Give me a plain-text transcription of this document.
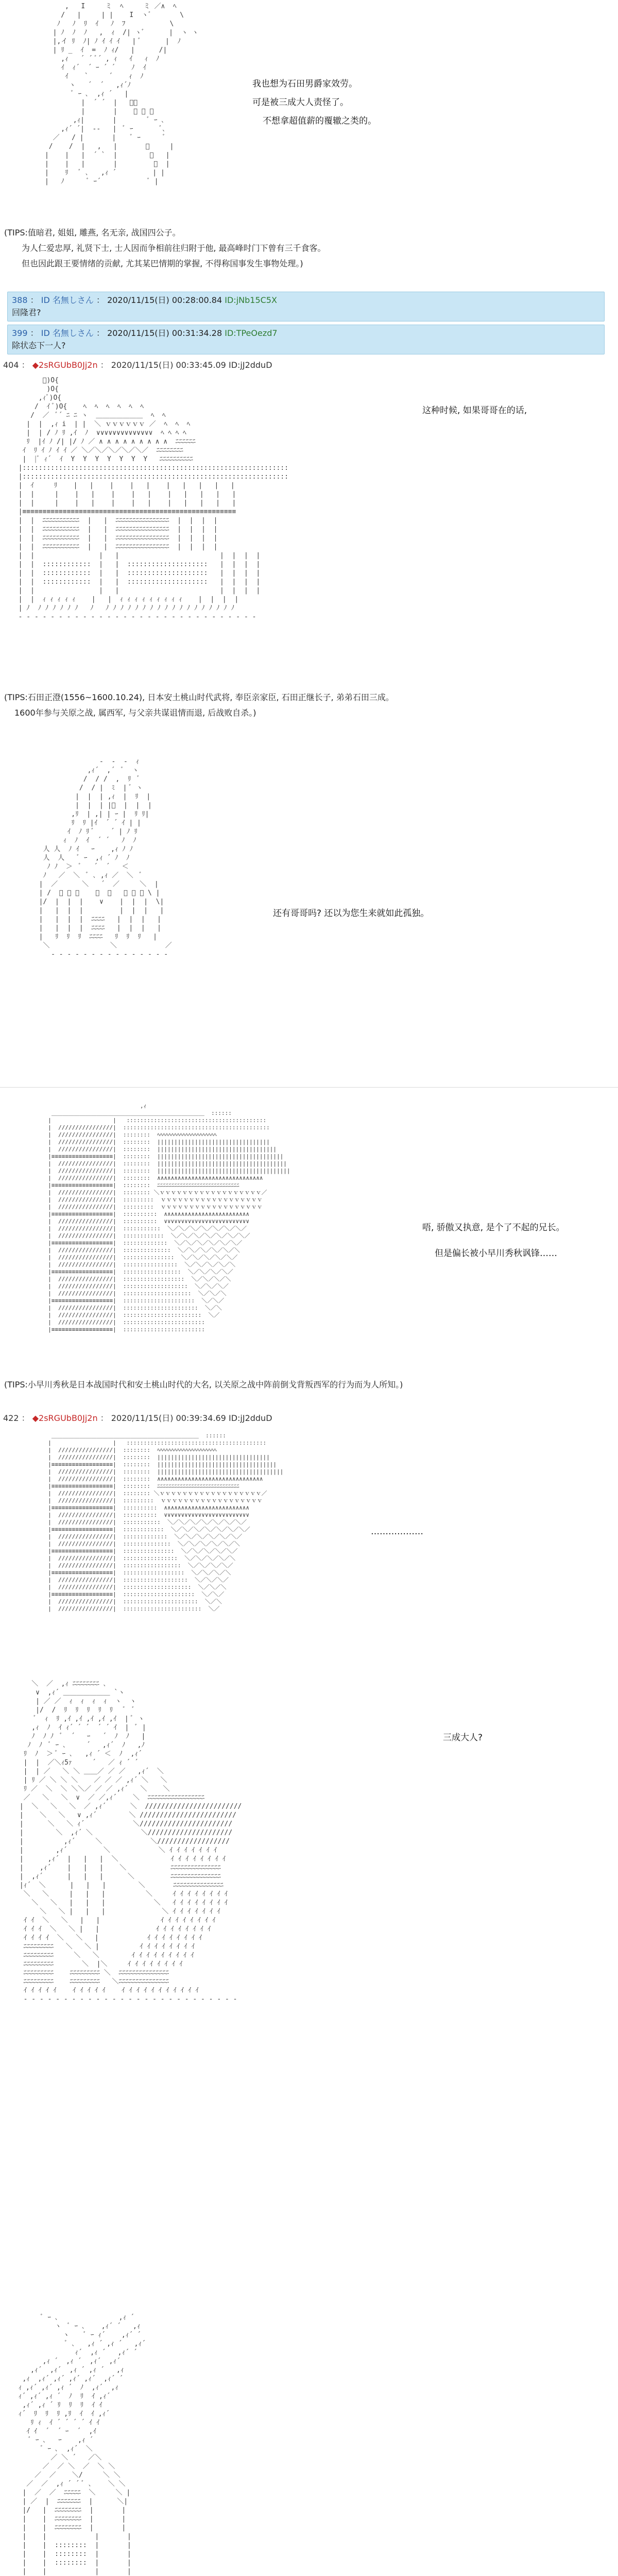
,   I     ミ  ﾍ     ミ ／∧  ﾍ
/   |     | |    I  ヽﾞ       \
ﾉ   ﾉ  ﾘ  ｲ   ﾉ  ﾌ           \
| ﾉ  ﾉ  ﾉ   ,  ｨ  /| ヽﾞ      |  ヽ ヽ
|,イ ﾘ  ﾉ| ﾉ ｲ ｲ ｲ   | ﾞ      |  ﾉ
| ﾘ _  ｲ  =  ﾉ ｨ/   |      /|
,ｨ   ´ ´ ﾞ´ , ｨ   ｲ   ｨ  ﾉ
ｲ  ｨ´  ´ ｰ ´ ´    ﾉ  ｲ
ｲ    `     ´    ｨ  ﾉ
ヽ   ´  ´   ,ｨ´ﾉ
ﾞ ｰ ､  ,ｨ ´   |
|  ´ ´  |   ﾞ、
|       |    ﾞ ｰ ､
,ｨ|       |        ﾞ ｰ ､
,ｨ´ ´|  -‐   |  ﾞ ｰ       ﾞ､
／   / |       |    ﾞ ｰ      ﾞ
/    /  |   ,   |       ﾞ     |
|    |   |  ´ `  |        ﾞ   |
|    |   |       |         ﾞ  |
|    ﾘ   ﾞ ､   ,ｨ ´         | |
|   ﾉ      ﾞ ｰ´            ﾞ |

我也想为石田男爵家效劳。

可是被三成大人责怪了。

不想拿超值薪的覆辙之类的。

(TIPS:值暗君, 姐姐, 雕燕, 名无亲, 战国四公子。

为人仁爱忠厚, 礼贤下士, 士人因而争相前往归附于他, 最高峰时门下曾有三千食客。

但也因此跟王要情绪的贡献, 尤其某巴情期的掌握, 不得称国事发生事物处理。)

388 ： ID 名無しさん ： 2020/11/15(日) 00:28:00.84 ID:jNb15C5X
回隆君?
399 ： ID 名無しさん ： 2020/11/15(日) 00:31:34.28 ID:TPeOezd7
除状态下一人?
404 ： ◆2sRGUbB0Jj2n ： 2020/11/15(日) 00:33:45.09 ID:jJ2dduD
ﾞ)O{
)O{
,ｨﾞ)O{
/  ｲ ﾞ)O{    ﾍ  ﾍ  ﾍ  ﾍ  ﾍ  ﾍ
/  ／  ﾞ´ ﾆ ﾆ ヽ  ＿＿＿＿＿＿＿  ﾍ  ﾍ
|  |  ,ｨ i  | |  ＼ ｖｖｖｖｖｖ ／  ﾍ  ﾍ  ﾍ
|  | / ﾉ ﾘ ,ｲ  ﾉ  ∨∨∨∨∨∨∨∨∨∨∨∨∨∨  ﾍ ﾍ ﾍ ﾍ
ﾘ  |ｲ ﾉ /| |/ ﾉ ／ ∧ ∧ ∧ ∧ ∧ ∧ ∧ ∧ ∧  ﾆﾆﾆﾆﾆﾆ
ｲ  ﾘ ｲ ﾉ ｲ ｲ ／ ＼／＼／＼／＼／＼／  ﾆﾆﾆﾆﾆﾆﾆﾆ
|  |ﾞ ｨ´  ｲ  Y  Y  Y  Y  Y  Y  Y   ﾆﾆﾆﾆﾆﾆﾆﾆﾆﾆ
|::::::::::::::::::::::::::::::::::::::::::::::::::::::::::::::::::
|::::::::::::::::::::::::::::::::::::::::::::::::::::::::::::::::::
|  ｲ     ﾘ    |   |    |    |   |    |   |   |   |   |
|  |     |    |   |    |    |   |    |   |   |   |   |
|  |     |    |   |    |    |   |    |   |   |   |   |
|≡≡≡≡≡≡≡≡≡≡≡≡≡≡≡≡≡≡≡≡≡≡≡≡≡≡≡≡≡≡≡≡≡≡≡≡≡≡≡≡≡≡≡≡≡≡≡≡≡≡≡≡≡
|  |  ﾆﾆﾆﾆﾆﾆﾆﾆﾆﾆﾆ  |   |  ﾆﾆﾆﾆﾆﾆﾆﾆﾆﾆﾆﾆﾆﾆﾆﾆ  |  |  |  |
|  |  ﾆﾆﾆﾆﾆﾆﾆﾆﾆﾆﾆ  |   |  ﾆﾆﾆﾆﾆﾆﾆﾆﾆﾆﾆﾆﾆﾆﾆﾆ  |  |  |  |
|  |  ﾆﾆﾆﾆﾆﾆﾆﾆﾆﾆﾆ  |   |  ﾆﾆﾆﾆﾆﾆﾆﾆﾆﾆﾆﾆﾆﾆﾆﾆ  |  |  |  |
|  |  ﾆﾆﾆﾆﾆﾆﾆﾆﾆﾆﾆ  |   |  ﾆﾆﾆﾆﾆﾆﾆﾆﾆﾆﾆﾆﾆﾆﾆﾆ  |  |  |  |
|  |                |   |                         |  |  |  |
|  |  ::::::::::::  |   |  ::::::::::::::::::::   |  |  |  |
|  |  ::::::::::::  |   |  ::::::::::::::::::::   |  |  |  |
|  |  ::::::::::::  |   |  ::::::::::::::::::::   |  |  |  |
|  |                |   |                         |  |  |  |
|  |  ｨ ｨ ｨ ｨ ｨ    |   |  ｨ ｨ ｨ ｨ ｨ ｨ ｨ ｨ ｨ    |  |  |  |
| ﾉ  ﾉ ﾉ ﾉ ﾉ ﾉ ﾉ   ﾉ   ﾉ ﾉ ﾉ ﾉ ﾉ ﾉ ﾉ ﾉ ﾉ ﾉ ﾉ ﾉ ﾉ ﾉ ﾉ ﾉ ﾉ ﾉ
‐ ‐ ‐ ‐ ‐ ‐ ‐ ‐ ‐ ‐ ‐ ‐ ‐ ‐ ‐ ‐ ‐ ‐ ‐ ‐ ‐ ‐ ‐ ‐ ‐ ‐ ‐ ‐ ‐ ‐

这种时候, 如果哥哥在的话,

(TIPS:石田正澄(1556~1600.10.24), 日本安土桃山时代武将, 奉臣亲家臣, 石田正继长子, 弟弟石田三成。

1600年参与关原之战, 属西军, 与父亲共谋诅情而退, 后战败自杀。)

-  -  ‐  ｨ
,ｨ´  ,´  ﾞ  ヽ
/  / /  ,  ﾘ  ﾞ
/  / |  ﾐ  | ﾞ ヽ
|  |  | ,ｨ  |  ﾘ  |
|  |  | |ﾞ  |  |  |
,ﾘ  | ,| | ｰ |  ﾘ ﾘ|
ﾘ  ﾘ |ｲ  ´ ´ ｲ | |
ｲ  ﾉ ﾘ ﾞ    ´ | ﾉ ﾘ
ｨ  ﾉ  ｲ  ´ ´   ﾉ  ﾉ
人 人  ﾉ ｲ   ｰ    ,ｨ ﾉ ﾉ
人  人   ﾞ ｰ  ,ｨ ´ ﾉ  ﾉ
ﾉ ﾉ  ＞  ﾞ   ´  ´   ＜
ﾉ   ／  ＼  ﾞ ､ ,ｨ ／  ＼  ﾞ
|  ／      ＼   ´  ／     ＼  |
| /  ﾞ ﾞ ﾞ    ＼  ／   ﾞ ﾞ ﾞ \ |
|/  |  |  |    ∨    |  |  |  \|
|   |  |  |         |  |  |   |
|   |  |  |  ﾆﾆﾆﾆ   |  |  |   |
|   |  |  |  ﾆﾆﾆﾆ   |  |  |   |
|   ﾘ  ﾘ  ﾘ  ﾆﾆﾆﾆ   ﾘ  ﾘ  ﾘ   |
＼               ＼            ／
‐ ‐ ‐ ‐ ‐ ‐ ‐ ‐ ‐ ‐ ‐ ‐ ‐ ‐ ‐

还有哥哥吗? 还以为您生来就如此孤独。

,ｨ
＿＿＿＿＿＿＿＿＿＿＿＿＿＿＿＿＿＿＿＿＿＿＿＿＿＿＿  ::::::
|                  |   :::::::::::::::::::::::::::::::::::::::::
|  ////////////////|  :::::::::::::::::::::::::::::::::::::::::::
|  ////////////////|  ::::::::  ﾍﾍﾍﾍﾍﾍﾍﾍﾍﾍﾍﾍﾍﾍﾍﾍﾍﾍﾍﾍﾍ
|  ////////////////|  ::::::::  |||||||||||||||||||||||||||||||||
|  ////////////////|  ::::::::  |||||||||||||||||||||||||||||||||||
|≡≡≡≡≡≡≡≡≡≡≡≡≡≡≡≡≡≡|  ::::::::  |||||||||||||||||||||||||||||||||||||
|  ////////////////|  ::::::::  ||||||||||||||||||||||||||||||||||||||
|  ////////////////|  ::::::::  |||||||||||||||||||||||||||||||||||||||
|  ////////////////|  ::::::::  ∧∧∧∧∧∧∧∧∧∧∧∧∧∧∧∧∧∧∧∧∧∧∧∧∧∧∧∧∧∧∧
|≡≡≡≡≡≡≡≡≡≡≡≡≡≡≡≡≡≡|  ::::::::  ﾆﾆﾆﾆﾆﾆﾆﾆﾆﾆﾆﾆﾆﾆﾆﾆﾆﾆﾆﾆﾆﾆﾆﾆﾆﾆﾆﾆﾆ
|  ////////////////|  :::::::: ＼ｖｖｖｖｖｖｖｖｖｖｖｖｖｖｖｖｖｖ／
|  ////////////////|  :::::::::  ｖｖｖｖｖｖｖｖｖｖｖｖｖｖｖｖｖｖ
|  ////////////////|  :::::::::  ｖｖｖｖｖｖｖｖｖｖｖｖｖｖｖｖｖｖ
|≡≡≡≡≡≡≡≡≡≡≡≡≡≡≡≡≡≡|  ::::::::::  ∧∧∧∧∧∧∧∧∧∧∧∧∧∧∧∧∧∧∧∧∧∧∧∧∧
|  ////////////////|  ::::::::::  ∨∨∨∨∨∨∨∨∨∨∨∨∨∨∨∨∨∨∨∨∨∨∨∨∨
|  ////////////////|  :::::::::::  ＼／＼／＼／＼／＼／＼／＼／
|  ////////////////|  ::::::::::::  ＼／＼／＼／＼／＼／＼／＼／
|≡≡≡≡≡≡≡≡≡≡≡≡≡≡≡≡≡≡|  :::::::::::::  ＼／＼／＼／＼／＼／＼／
|  ////////////////|  ::::::::::::::  ＼／＼／＼／＼／＼／＼
|  ////////////////|  :::::::::::::::  ＼／＼／＼／＼／＼／
|  ////////////////|  ::::::::::::::::  ＼／＼／＼／＼／＼
|≡≡≡≡≡≡≡≡≡≡≡≡≡≡≡≡≡≡|  :::::::::::::::::  ＼／＼／＼／＼／
|  ////////////////|  ::::::::::::::::::  ＼／＼／＼／＼
|  ////////////////|  :::::::::::::::::::  ＼／＼／＼／
|  ////////////////|  ::::::::::::::::::::  ＼／＼／＼
|≡≡≡≡≡≡≡≡≡≡≡≡≡≡≡≡≡≡|  :::::::::::::::::::::  ＼／＼／
|  ////////////////|  ::::::::::::::::::::::  ＼／＼
|  ////////////////|  :::::::::::::::::::::::  ＼／
|  ////////////////|  ::::::::::::::::::::::::
|≡≡≡≡≡≡≡≡≡≡≡≡≡≡≡≡≡≡|  ::::::::::::::::::::::::

唔, 骄傲又执意, 是个了不起的兄长。

但是偏长被小早川秀秋讽锋……

(TIPS:小早川秀秋是日本战国时代和安土桃山时代的大名, 以关原之战中阵前倒戈背叛西军的行为而为人所知。)

422 ： ◆2sRGUbB0Jj2n ： 2020/11/15(日) 00:39:34.69 ID:jJ2dduD
＿＿＿＿＿＿＿＿＿＿＿＿＿＿＿＿＿＿＿＿＿＿＿＿＿＿  ::::::
|                  |   :::::::::::::::::::::::::::::::::::::::::
|  ////////////////|  ::::::::  ﾍﾍﾍﾍﾍﾍﾍﾍﾍﾍﾍﾍﾍﾍﾍﾍﾍﾍﾍﾍﾍ
|  ////////////////|  ::::::::  |||||||||||||||||||||||||||||||||
|≡≡≡≡≡≡≡≡≡≡≡≡≡≡≡≡≡≡|  ::::::::  |||||||||||||||||||||||||||||||||||
|  ////////////////|  ::::::::  |||||||||||||||||||||||||||||||||||||
|  ////////////////|  ::::::::  ∧∧∧∧∧∧∧∧∧∧∧∧∧∧∧∧∧∧∧∧∧∧∧∧∧∧∧∧∧∧∧
|≡≡≡≡≡≡≡≡≡≡≡≡≡≡≡≡≡≡|  ::::::::  ﾆﾆﾆﾆﾆﾆﾆﾆﾆﾆﾆﾆﾆﾆﾆﾆﾆﾆﾆﾆﾆﾆﾆﾆﾆﾆﾆﾆﾆ
|  ////////////////|  :::::::: ＼ｖｖｖｖｖｖｖｖｖｖｖｖｖｖｖｖｖｖ／
|  ////////////////|  :::::::::  ｖｖｖｖｖｖｖｖｖｖｖｖｖｖｖｖｖｖ
|≡≡≡≡≡≡≡≡≡≡≡≡≡≡≡≡≡≡|  ::::::::::  ∧∧∧∧∧∧∧∧∧∧∧∧∧∧∧∧∧∧∧∧∧∧∧∧∧
|  ////////////////|  ::::::::::  ∨∨∨∨∨∨∨∨∨∨∨∨∨∨∨∨∨∨∨∨∨∨∨∨∨
|  ////////////////|  :::::::::::  ＼／＼／＼／＼／＼／＼／＼／
|≡≡≡≡≡≡≡≡≡≡≡≡≡≡≡≡≡≡|  ::::::::::::  ＼／＼／＼／＼／＼／＼／＼／
|  ////////////////|  :::::::::::::  ＼／＼／＼／＼／＼／＼／
|  ////////////////|  ::::::::::::::  ＼／＼／＼／＼／＼／＼
|≡≡≡≡≡≡≡≡≡≡≡≡≡≡≡≡≡≡|  :::::::::::::::  ＼／＼／＼／＼／＼／
|  ////////////////|  ::::::::::::::::  ＼／＼／＼／＼／＼
|  ////////////////|  :::::::::::::::::  ＼／＼／＼／＼／
|≡≡≡≡≡≡≡≡≡≡≡≡≡≡≡≡≡≡|  ::::::::::::::::::  ＼／＼／＼／＼
|  ////////////////|  :::::::::::::::::::  ＼／＼／＼／
|  ////////////////|  ::::::::::::::::::::  ＼／＼／＼
|≡≡≡≡≡≡≡≡≡≡≡≡≡≡≡≡≡≡|  :::::::::::::::::::::  ＼／＼／
|  ////////////////|  ::::::::::::::::::::::  ＼／＼
|  ////////////////|  :::::::::::::::::::::::  ＼／

………………

＼  ／  ,ｨ ﾆﾆﾆﾆﾆﾆﾆﾆ ､
∨  ,ｨ´ ＿＿＿＿＿＿＿ `ヽ
| ／ ／  ｨ  ｨ  ｨ  ｨ  ヽ  ヽ
|/  /  ﾘ  ﾘ  ﾘ  ﾘ  ﾘ   ﾞ  ﾞ
ﾞ  ｨ  ﾘ ,ｲ ,ｲ ,ｲ ,ｲ ,ｲ  | ﾞ ヽ
,ｨ  ﾉ  ｲ ｨ´ ´ ´  ´ ´ ｲ  |  ﾞ |
ﾉ  ﾉ ﾉ  ﾞ  ´   ｰ   ´  ﾉ  ﾉ   |
ﾉ  ﾉ  ﾞ ｰ ､     ´   ,ｨ´  ﾉ   ,ﾉ
ﾘ  ﾉ  ＞ ﾞ ｰ ､   ,ｨ ´ ＜  ﾉ  ,ｨ´
|  |  ／＼ｨ5ｧ     ´   ／ ｨ ´ ´
|  | ／   ＼ ＼ ＿＿／ ／ ／   ,ｨ´  ＼
| ﾘ ／ ＼ ＼ ＼    ／ ／ ／ ,ｨ´ ＼   ＼
ﾘ ／  ＼  ＼ ＼＼／ ／ ／ ,ｨ´   ＼    ＼
／   ＼   ＼  ∨  ／ ／,ｨ´    ＼  ﾆﾆﾆﾆﾆﾆﾆﾆﾆﾆﾆﾆﾆﾆﾆﾆﾆ
|  ＼   ＼   ＼  ／ ,ｨ´      ＼  ////////////////////////
|    ＼   ＼   ∨ ,ｨ´        ＼ ////////////////////////
|      ＼   ＼ ｨ´            ＼///////////////////////
|        ＼  ,ｨ´ ＼            ＼/////////////////////
|          ,ｨ´     ＼            ＼//////////////////
|        ,ｨ´         ＼            ＼ ｲ ｲ ｲ ｲ ｲ ｲ ｲ
|      ,ｨ´  |   |   |  ＼             ｲ ｲ ｲ ｲ ｲ ｲ ｲ ｲ
|    ,ｨ´    |   |   |    ＼           ﾆﾆﾆﾆﾆﾆﾆﾆﾆﾆﾆﾆﾆﾆﾆ
|  ,ｨ´      |   |   |      ＼         ﾆﾆﾆﾆﾆﾆﾆﾆﾆﾆﾆﾆﾆﾆﾆ
|ｨ´  ＼      |   |   |        ＼       ﾆﾆﾆﾆﾆﾆﾆﾆﾆﾆﾆﾆﾆﾆﾆ
＼   ＼     |   |   |          ＼     ｲ ｲ ｲ ｲ ｲ ｲ ｲ ｲ
＼   ＼   |   |   |            ＼   ｲ ｲ ｲ ｲ ｲ ｲ ｲ ｲ
＼   ＼ |   |   |              ＼ ｲ ｲ ｲ ｲ ｲ ｲ ｲ
ｲ ｲ  ＼   ＼   |   |               ｲ ｲ ｲ ｲ ｲ ｲ ｲ ｲ
ｲ ｲ ｲ  ＼   ＼ |   |              ｲ ｲ ｲ ｲ ｲ ｲ ｲ ｲ
ｲ ｲ ｲ ｲ  ＼   ＼   |            ｲ ｲ ｲ ｲ ｲ ｲ ｲ ｲ
ﾆﾆﾆﾆﾆﾆﾆﾆﾆ   ＼   ＼ |          ｲ ｲ ｲ ｲ ｲ ｲ ｲ ｲ
ﾆﾆﾆﾆﾆﾆﾆﾆﾆ     ＼   ＼        ｲ ｲ ｲ ｲ ｲ ｲ ｲ ｲ ｲ
ﾆﾆﾆﾆﾆﾆﾆﾆﾆ       ＼  |＼     ｲ ｲ ｲ ｲ ｲ ｲ ｲ ｲ
ﾆﾆﾆﾆﾆﾆﾆﾆﾆ    ﾆﾆﾆﾆﾆﾆﾆﾆﾆ ＼  ﾆﾆﾆﾆﾆﾆﾆﾆﾆﾆﾆﾆﾆﾆﾆ
ﾆﾆﾆﾆﾆﾆﾆﾆﾆ    ﾆﾆﾆﾆﾆﾆﾆﾆﾆ   ＼ﾆﾆﾆﾆﾆﾆﾆﾆﾆﾆﾆﾆﾆﾆﾆ
ｲ ｲ ｲ ｲ ｲ    ｲ ｲ ｲ ｲ ｲ    ｲ ｲ ｲ ｲ ｲ ｲ ｲ ｲ ｲ ｲ ｲ
‐ ‐ ‐ ‐ ‐ ‐ ‐ ‐ ‐ ‐ ‐ ‐ ‐ ‐ ‐ ‐ ‐ ‐ ‐ ‐ ‐ ‐ ‐ ‐ ‐ ‐ ‐

三成大人?

ﾞ ｰ ､               ,ｨ ´
ヽ  ﾞ ｰ ､    ,ｨ´ ´   ,ｨ
ヽ    ﾞ ｰ ｨ´    ,ｨ´ ´
ﾞ ､   ,ｨ ´ ,ｨ ´   ,ｨ´
ｨ´  ,ｨ ´   ,ｨ´ ´
,ｨ ´  ,ｨ ´  ,ｨ´  ,ｨ´
,ｨ´  ,ｨ´  ,ｨ ´ ,ｨ ´   ,ｨ
,ｨ  ,ｨ´ ,ｨ´ ,ｨ´ ,ｨ´  ,ｨ´ ´
ｨ ,ｨ´ ,ｨ´ ,ｨ ´  ﾉ  ,ｨ´  ,ｨ
ｨ´ ,ｨ´ ,ｨ ´  ﾉ  ﾘ  ｲ ,ｨ´
,ｨ´ ,ｨ ´ ﾘ  ﾘ  ﾘ  ｲ ｲ
ｨ´  ﾘ  ﾘ  ﾘ ,ﾘ  ｲ  ｲ ,ｨ´
ﾘ ｨ  ｲ ´ ´ ´ ´ ｲ ｲ
ｲ ｲ  ´  ´ ｰ  ´  ,ｲ
ﾞ ｰ ､   ｰ    ,ｨ ´
ﾞ ｰ ､  ,ｨ´  ＼
／ ＼ ´   ／＼
／  ／ ＼  ／  ＼ ＼
／  ／    ＼/     ＼ ＼
／  ／  ,ｨ ´ ´ ﾞ ､    ＼ ＼
|  ／  ／  ﾆﾆﾆﾆﾆ  ＼     ＼ |
| ／  |  ﾆﾆﾆﾆﾆﾆﾆ  |      ＼|
|/   |  ﾆﾆﾆﾆﾆﾆﾆﾆ  |       |
|    |  ﾆﾆﾆﾆﾆﾆﾆﾆ  |       |
|    |  ﾆﾆﾆﾆﾆﾆﾆﾆ  |       |
|    |            |       |
|    |  ::::::::  |       |
|    |  ::::::::  |       |
|    |  ::::::::  |       |
|    |            |       |
